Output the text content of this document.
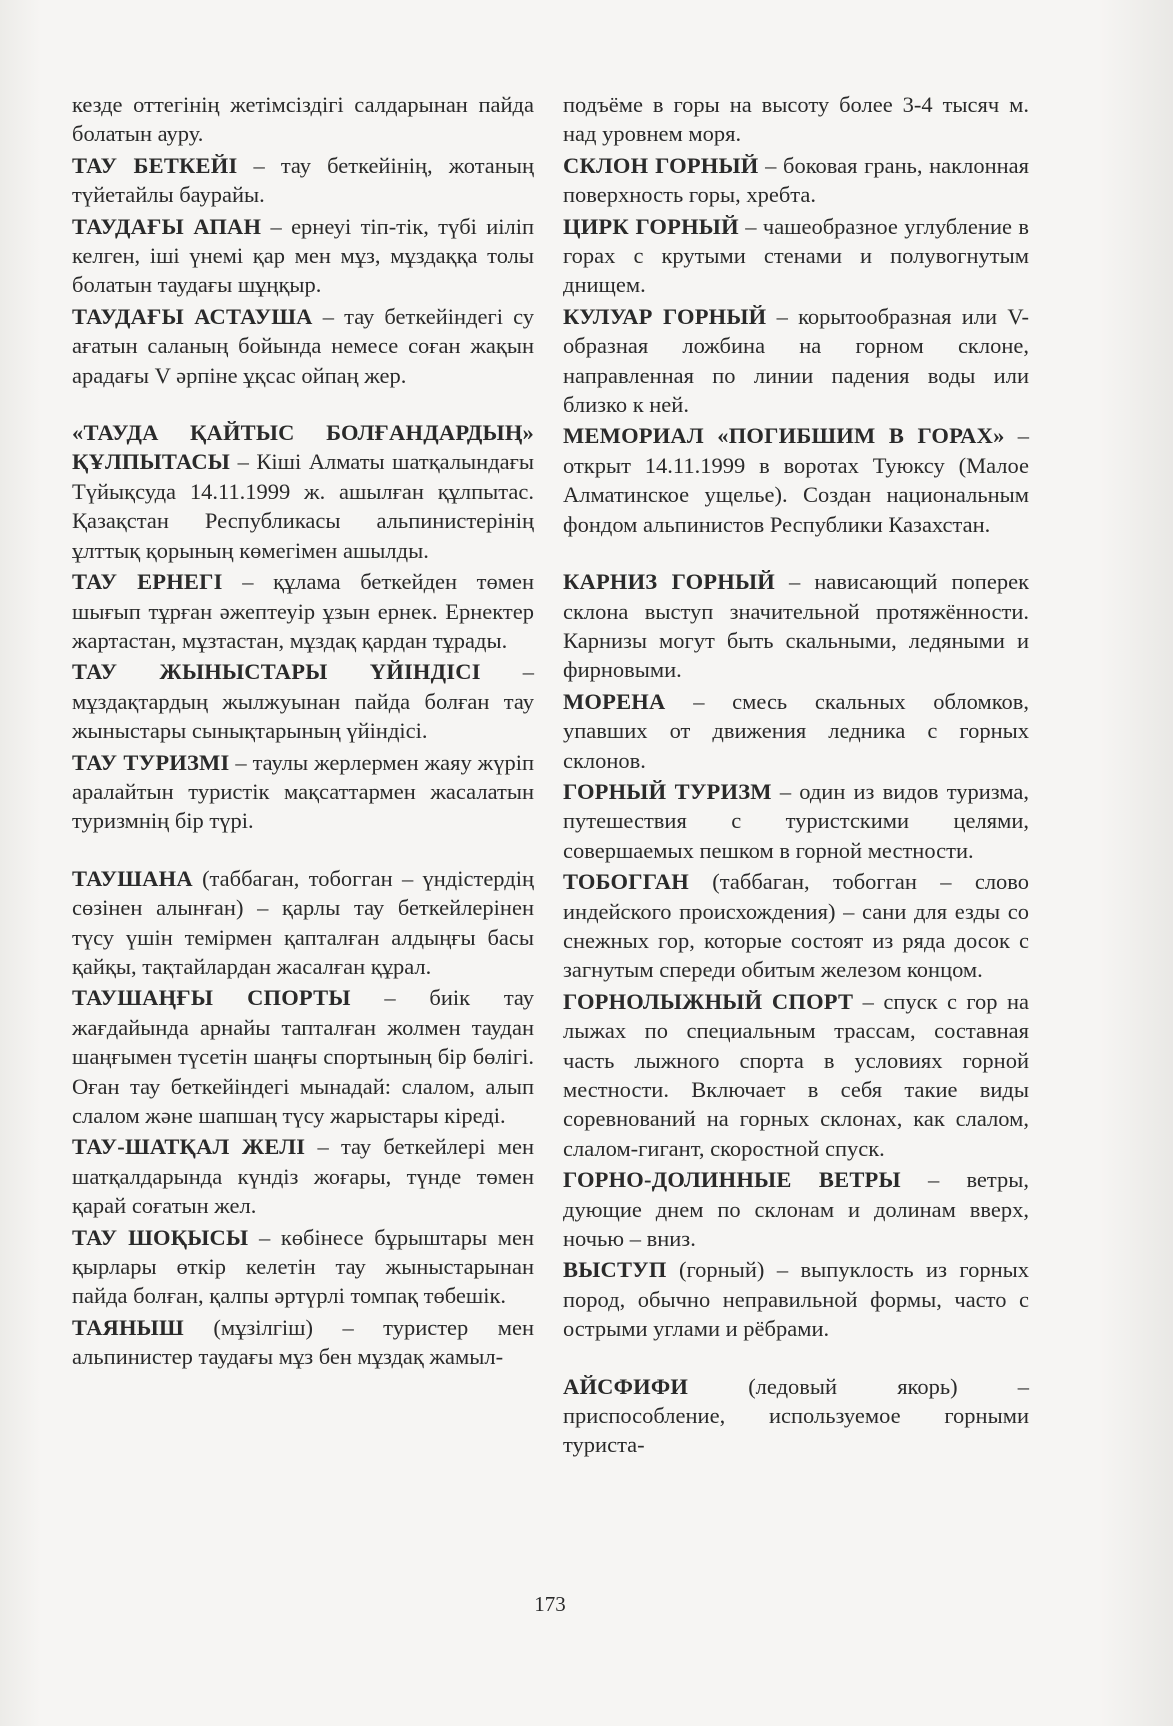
кезде оттегінің жетімсіздігі салдарынан пайда болатын ауру.

ТАУ БЕТКЕЙІ – тау беткейінің, жотаның түйетайлы баурайы.

ТАУДАҒЫ АПАН – ернеуі тіп-тік, түбі иіліп келген, іші үнемі қар мен мұз, мұздаққа толы болатын таудағы шұңқыр.

ТАУДАҒЫ АСТАУША – тау беткейіндегі су ағатын саланың бойында немесе соған жақын арадағы V әрпіне ұқсас ойпаң жер.

«ТАУДА ҚАЙТЫС БОЛҒАНДАРДЫҢ» ҚҰЛПЫТАСЫ – Кіші Алматы шатқалындағы Түйықсуда 14.11.1999 ж. ашылған құлпытас. Қазақстан Республикасы альпинистерінің ұлттық қорының көмегімен ашылды.

ТАУ ЕРНЕГІ – құлама беткейден төмен шығып тұрған әжептеуір ұзын ернек. Ернектер жартастан, мұзтастан, мұздақ қардан тұрады.

ТАУ ЖЫНЫСТАРЫ ҮЙІНДІСІ – мұздақтардың жылжуынан пайда болған тау жыныстары сынықтарының үйіндісі.

ТАУ ТУРИЗМІ – таулы жерлермен жаяу жүріп аралайтын туристік мақсаттармен жасалатын туризмнің бір түрі.

ТАУШАНА (таббаган, тобогган – үндістердің сөзінен алынған) – қарлы тау беткейлерінен түсу үшін темірмен қапталған алдыңғы басы қайқы, тақтайлардан жасалған құрал.

ТАУШАҢҒЫ СПОРТЫ – биік тау жағдайында арнайы тапталған жолмен таудан шаңғымен түсетін шаңғы спортының бір бөлігі. Оған тау беткейіндегі мынадай: слалом, алып слалом және шапшаң түсу жарыстары кіреді.

ТАУ-ШАТҚАЛ ЖЕЛІ – тау беткейлері мен шатқалдарында күндіз жоғары, түнде төмен қарай соғатын жел.

ТАУ ШОҚЫСЫ – көбінесе бұрыштары мен қырлары өткір келетін тау жыныстарынан пайда болған, қалпы әртүрлі томпақ төбешік.

ТАЯНЫШ (мұзілгіш) – туристер мен альпинистер таудағы мұз бен мұздақ жамыл-

подъёме в горы на высоту более 3-4 тысяч м. над уровнем моря.

СКЛОН ГОРНЫЙ – боковая грань, наклонная поверхность горы, хребта.

ЦИРК ГОРНЫЙ – чашеобразное углубление в горах с крутыми стенами и полувогнутым днищем.

КУЛУАР ГОРНЫЙ – корытообразная или V-образная ложбина на горном склоне, направленная по линии падения воды или близко к ней.

МЕМОРИАЛ «ПОГИБШИМ В ГОРАХ» – открыт 14.11.1999 в воротах Туюксу (Малое Алматинское ущелье). Создан национальным фондом альпинистов Республики Казахстан.

КАРНИЗ ГОРНЫЙ – нависающий поперек склона выступ значительной протяжённости. Карнизы могут быть скальными, ледяными и фирновыми.

МОРЕНА – смесь скальных обломков, упавших от движения ледника с горных склонов.

ГОРНЫЙ ТУРИЗМ – один из видов туризма, путешествия с туристскими целями, совершаемых пешком в горной местности.

ТОБОГГАН (таббаган, тобогган – слово индейского происхождения) – сани для езды со снежных гор, которые состоят из ряда досок с загнутым спереди обитым железом концом.

ГОРНОЛЫЖНЫЙ СПОРТ – спуск с гор на лыжах по специальным трассам, составная часть лыжного спорта в условиях горной местности. Включает в себя такие виды соревнований на горных склонах, как слалом, слалом-гигант, скоростной спуск.

ГОРНО-ДОЛИННЫЕ ВЕТРЫ – ветры, дующие днем по склонам и долинам вверх, ночью – вниз.

ВЫСТУП (горный) – выпуклость из горных пород, обычно неправильной формы, часто с острыми углами и рёбрами.

АЙСФИФИ (ледовый якорь)	– приспособление, используемое горными туриста-

173
